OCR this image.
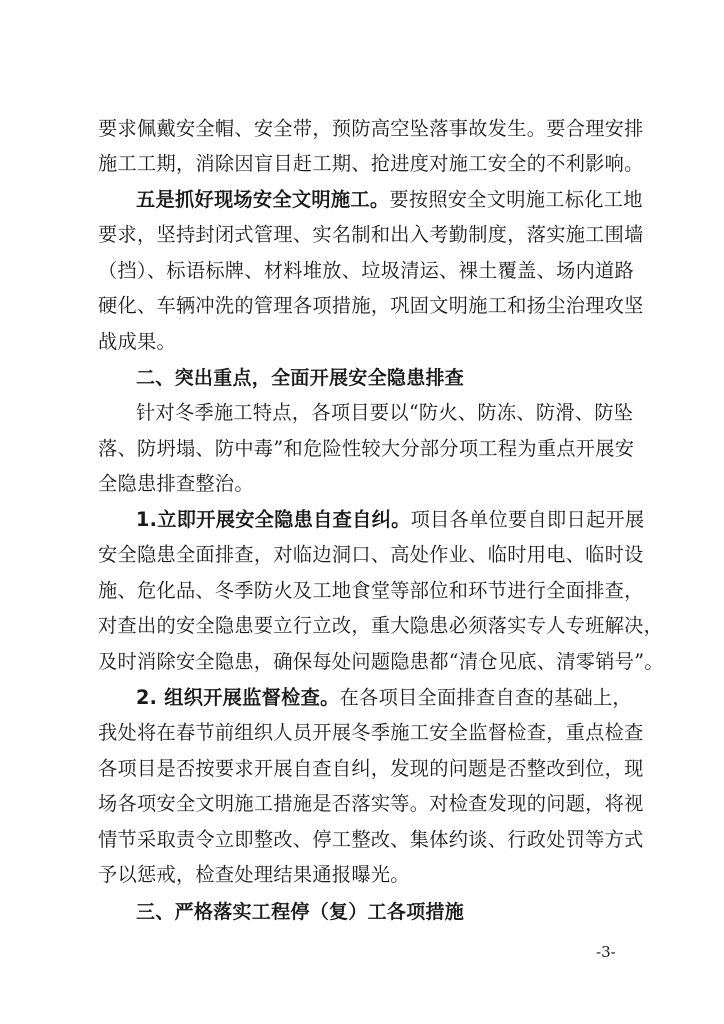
要求佩戴安全帽、安全带，预防高空坠落事故发生。要合理安排
施工工期，消除因盲目赶工期、抢进度对施工安全的不利影响。
五是抓好现场安全文明施工。要按照安全文明施工标化工地
要求，坚持封闭式管理、实名制和出入考勤制度，落实施工围墙
（挡）、标语标牌、材料堆放、垃圾清运、裸土覆盖、场内道路
硬化、车辆冲洗的管理各项措施，巩固文明施工和扬尘治理攻坚
战成果。
二、突出重点，全面开展安全隐患排查
针对冬季施工特点，各项目要以“防火、防冻、防滑、防坠
落、防坍塌、防中毒”和危险性较大分部分项工程为重点开展安
全隐患排查整治。
1.立即开展安全隐患自查自纠。项目各单位要自即日起开展
安全隐患全面排查，对临边洞口、高处作业、临时用电、临时设
施、危化品、冬季防火及工地食堂等部位和环节进行全面排查，
对查出的安全隐患要立行立改，重大隐患必须落实专人专班解决，
及时消除安全隐患，确保每处问题隐患都“清仓见底、清零销号”。
2. 组织开展监督检查。在各项目全面排查自查的基础上，
我处将在春节前组织人员开展冬季施工安全监督检查，重点检查
各项目是否按要求开展自查自纠，发现的问题是否整改到位，现
场各项安全文明施工措施是否落实等。对检查发现的问题，将视
情节采取责令立即整改、停工整改、集体约谈、行政处罚等方式
予以惩戒，检查处理结果通报曝光。
三、严格落实工程停（复）工各项措施
-3-
